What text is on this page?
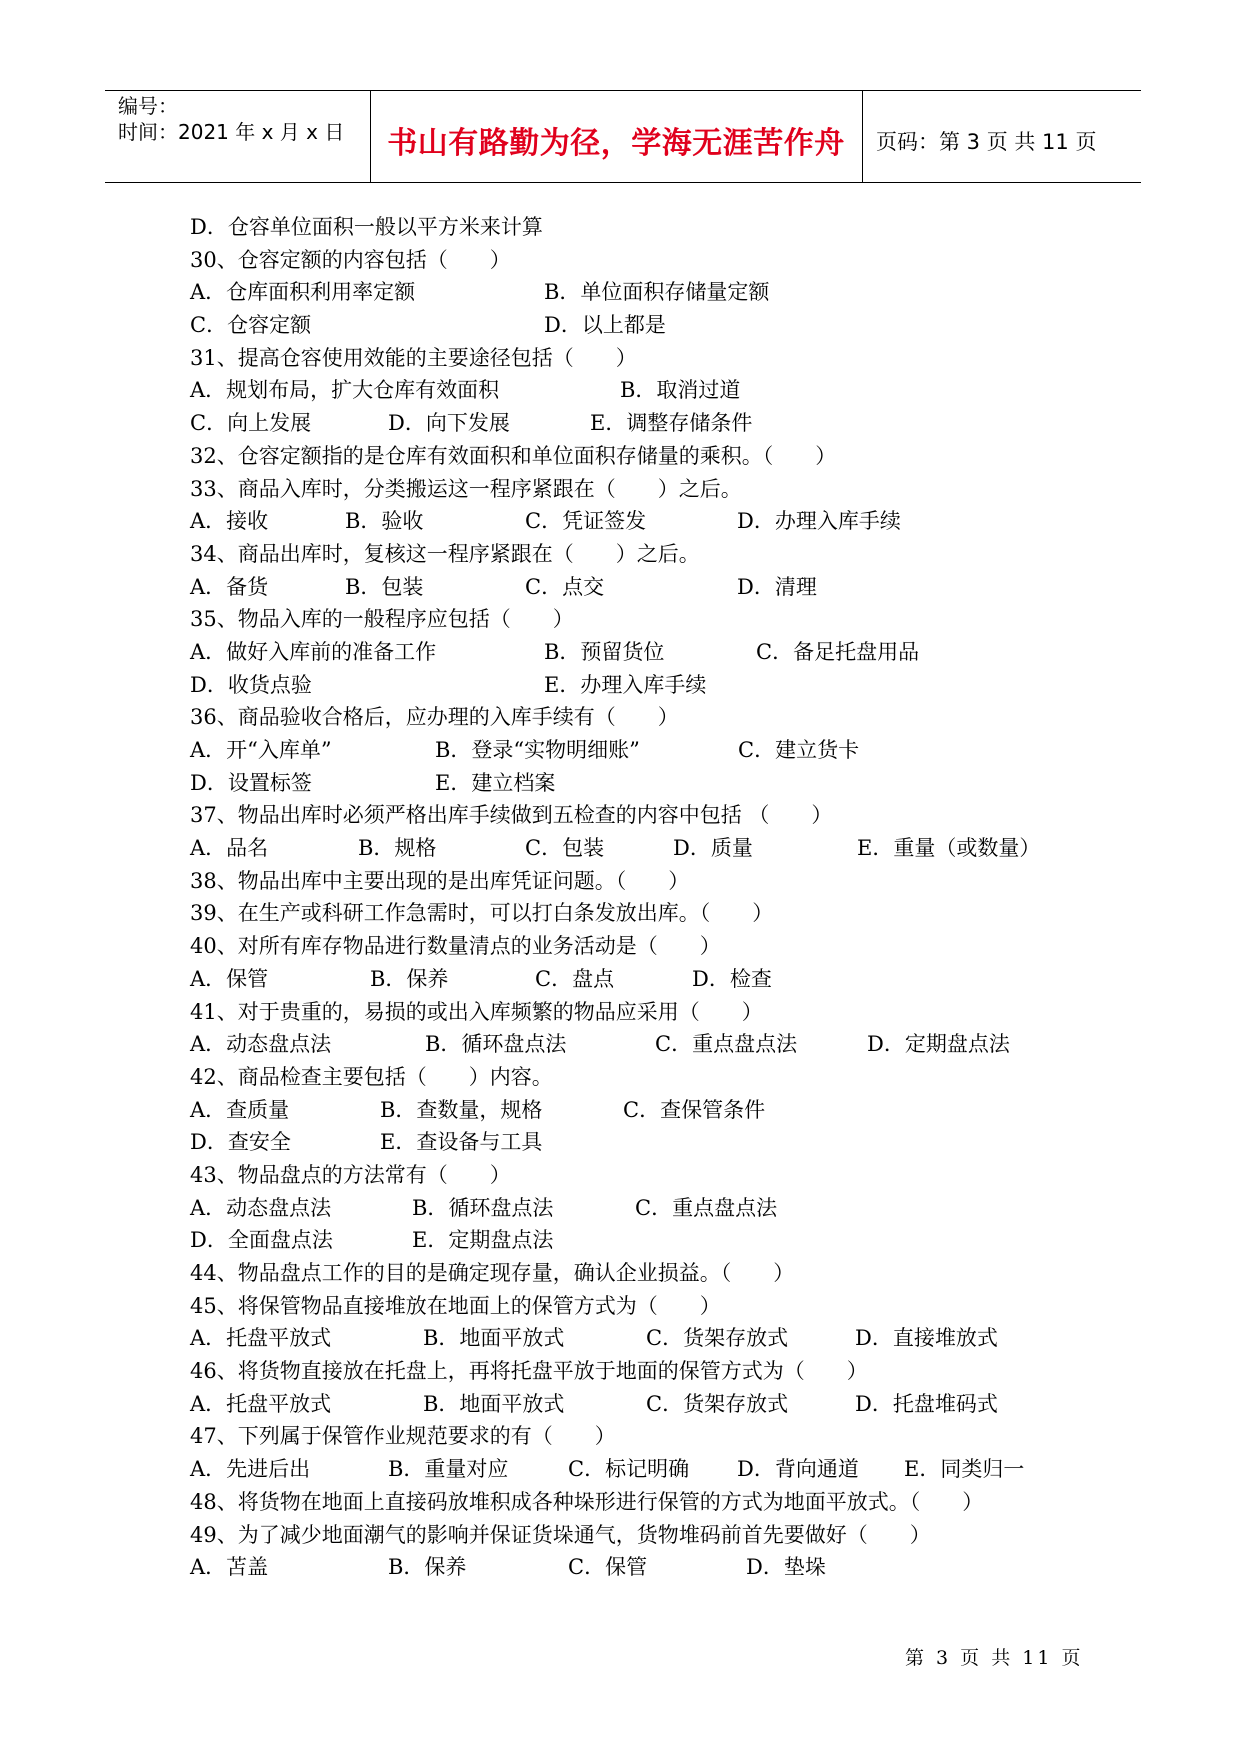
编号：
时间：2021 年 x 月 x 日	书山有路勤为径，学海无涯苦作舟	页码：第 3 页 共 11 页
D．仓容单位面积一般以平方米来计算
30、仓容定额的内容包括（　　）
A．仓库面积利用率定额	B．单位面积存储量定额
C．仓容定额	D．以上都是
31、提高仓容使用效能的主要途径包括（　　）
A．规划布局，扩大仓库有效面积	B．取消过道
C．向上发展	D．向下发展	E．调整存储条件
32、仓容定额指的是仓库有效面积和单位面积存储量的乘积。（　　）
33、商品入库时，分类搬运这一程序紧跟在（　　）之后。
A．接收	B．验收	C．凭证签发	D．办理入库手续
34、商品出库时，复核这一程序紧跟在（　　）之后。
A．备货	B．包装	C．点交	D．清理
35、物品入库的一般程序应包括（　　）
A．做好入库前的准备工作	B．预留货位	C．备足托盘用品
D．收货点验	E．办理入库手续
36、商品验收合格后，应办理的入库手续有（　　）
A．开“入库单”	B．登录“实物明细账”	C．建立货卡
D．设置标签	E．建立档案
37、物品出库时必须严格出库手续做到五检查的内容中包括 （　　）
A．品名	B．规格	C．包装	D．质量	E．重量（或数量）
38、物品出库中主要出现的是出库凭证问题。（　　）
39、在生产或科研工作急需时，可以打白条发放出库。（　　）
40、对所有库存物品进行数量清点的业务活动是（　　）
A．保管	B．保养	C．盘点	D．检查
41、对于贵重的，易损的或出入库频繁的物品应采用（　　）
A．动态盘点法	B．循环盘点法	C．重点盘点法	D．定期盘点法
42、商品检查主要包括（　　）内容。
A．查质量	B．查数量，规格	C．查保管条件
D．查安全	E．查设备与工具
43、物品盘点的方法常有（　　）
A．动态盘点法	B．循环盘点法	C．重点盘点法
D．全面盘点法	E．定期盘点法
44、物品盘点工作的目的是确定现存量，确认企业损益。（　　）
45、将保管物品直接堆放在地面上的保管方式为（　　）
A．托盘平放式	B．地面平放式	C．货架存放式	D．直接堆放式
46、将货物直接放在托盘上，再将托盘平放于地面的保管方式为（　　）
A．托盘平放式	B．地面平放式	C．货架存放式	D．托盘堆码式
47、下列属于保管作业规范要求的有（　　）
A．先进后出	B．重量对应	C．标记明确 D．背向通道 E．同类归一
48、将货物在地面上直接码放堆积成各种垛形进行保管的方式为地面平放式。（　　）
49、为了减少地面潮气的影响并保证货垛通气，货物堆码前首先要做好（　　）
A．苫盖	B．保养	C．保管	D．垫垛
第 3 页 共 11 页
